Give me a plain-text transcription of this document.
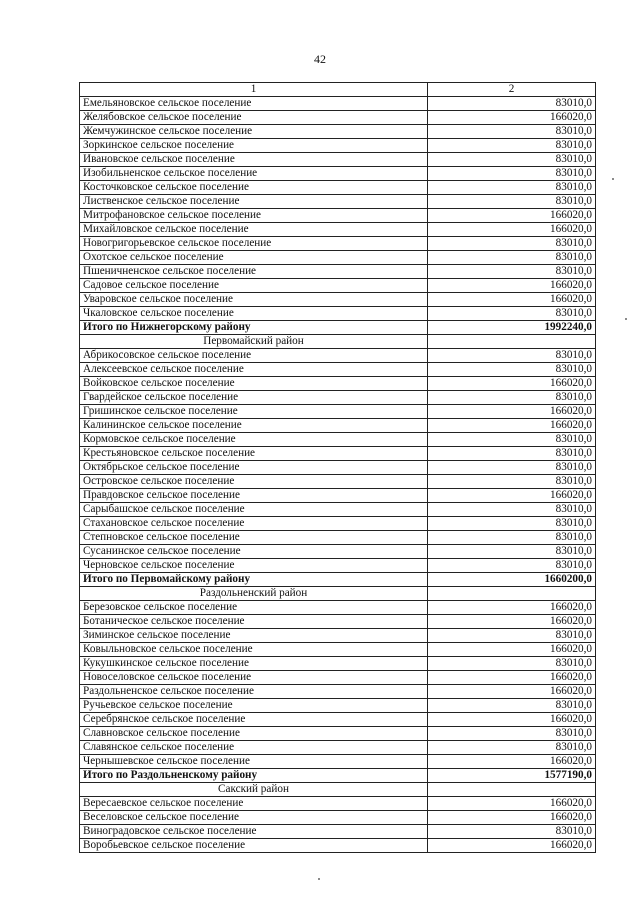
42
1	2
Емельяновское сельское поселение	83010,0
Желябовское сельское поселение	166020,0
Жемчужинское сельское поселение	83010,0
Зоркинское сельское поселение	83010,0
Ивановское сельское поселение	83010,0
Изобильненское сельское поселение	83010,0
Косточковское сельское поселение	83010,0
Лиственское сельское поселение	83010,0
Митрофановское сельское поселение	166020,0
Михайловское сельское поселение	166020,0
Новогригорьевское сельское поселение	83010,0
Охотское сельское поселение	83010,0
Пшеничненское сельское поселение	83010,0
Садовое сельское поселение	166020,0
Уваровское сельское поселение	166020,0
Чкаловское сельское поселение	83010,0
Итого по Нижнегорскому району	1992240,0
Первомайский район	
Абрикосовское сельское поселение	83010,0
Алексеевское сельское поселение	83010,0
Войковское сельское поселение	166020,0
Гвардейское сельское поселение	83010,0
Гришинское сельское поселение	166020,0
Калининское сельское поселение	166020,0
Кормовское сельское поселение	83010,0
Крестьяновское сельское поселение	83010,0
Октябрьское сельское поселение	83010,0
Островское сельское поселение	83010,0
Правдовское сельское поселение	166020,0
Сарыбашское сельское поселение	83010,0
Стахановское сельское поселение	83010,0
Степновское сельское поселение	83010,0
Сусанинское сельское поселение	83010,0
Черновское сельское поселение	83010,0
Итого по Первомайскому району	1660200,0
Раздольненский район	
Березовское сельское поселение	166020,0
Ботаническое сельское поселение	166020,0
Зиминское сельское поселение	83010,0
Ковыльновское сельское поселение	166020,0
Кукушкинское сельское поселение	83010,0
Новоселовское сельское поселение	166020,0
Раздольненское сельское поселение	166020,0
Ручьевское сельское поселение	83010,0
Серебрянское сельское поселение	166020,0
Славновское сельское поселение	83010,0
Славянское сельское поселение	83010,0
Чернышевское сельское поселение	166020,0
Итого по Раздольненскому району	1577190,0
Сакский район	
Вересаевское сельское поселение	166020,0
Веселовское сельское поселение	166020,0
Виноградовское сельское поселение	83010,0
Воробьевское сельское поселение	166020,0
